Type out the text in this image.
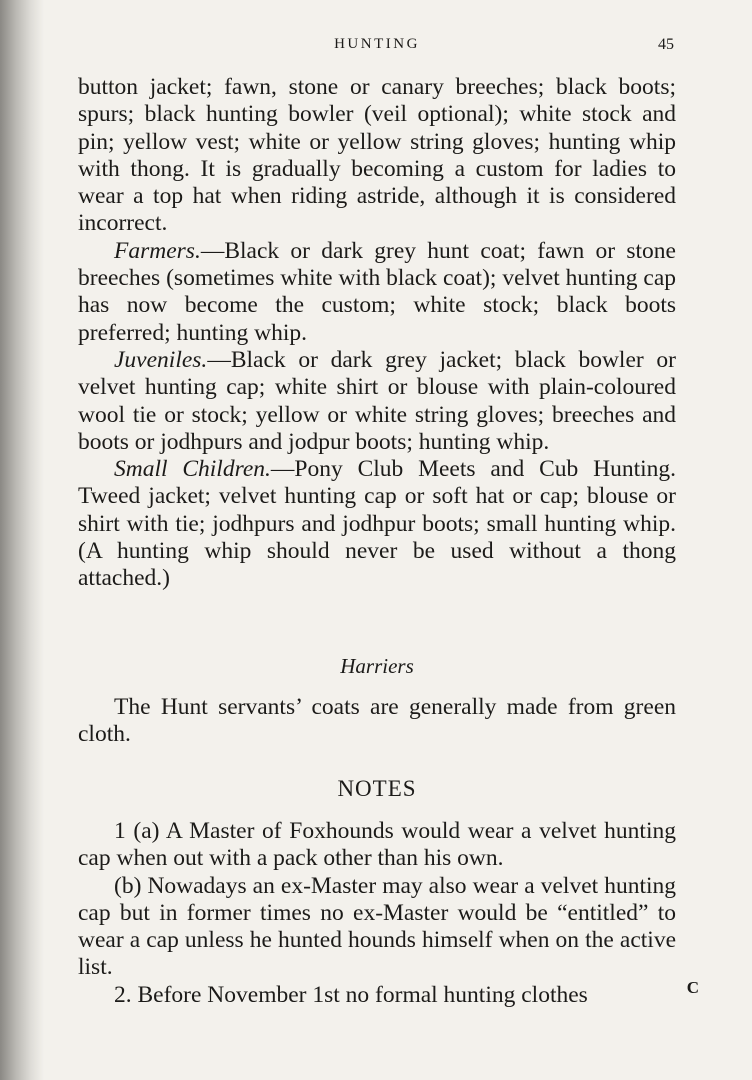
HUNTING	45

button jacket; fawn, stone or canary breeches; black boots; spurs; black hunting bowler (veil optional); white stock and pin; yellow vest; white or yellow string gloves; hunting whip with thong. It is gradually becoming a custom for ladies to wear a top hat when riding astride, although it is considered incorrect.

Farmers.—Black or dark grey hunt coat; fawn or stone breeches (sometimes white with black coat); velvet hunting cap has now become the custom; white stock; black boots preferred; hunting whip.

Juveniles.—Black or dark grey jacket; black bowler or velvet hunting cap; white shirt or blouse with plain-coloured wool tie or stock; yellow or white string gloves; breeches and boots or jodhpurs and jodpur boots; hunting whip.

Small Children.—Pony Club Meets and Cub Hunting. Tweed jacket; velvet hunting cap or soft hat or cap; blouse or shirt with tie; jodhpurs and jodhpur boots; small hunting whip. (A hunting whip should never be used without a thong attached.)

Harriers

The Hunt servants’ coats are generally made from green cloth.

NOTES

1 (a) A Master of Foxhounds would wear a velvet hunting cap when out with a pack other than his own.

(b) Nowadays an ex-Master may also wear a velvet hunting cap but in former times no ex-Master would be “entitled” to wear a cap unless he hunted hounds himself when on the active list.

2. Before November 1st no formal hunting clothes	C
